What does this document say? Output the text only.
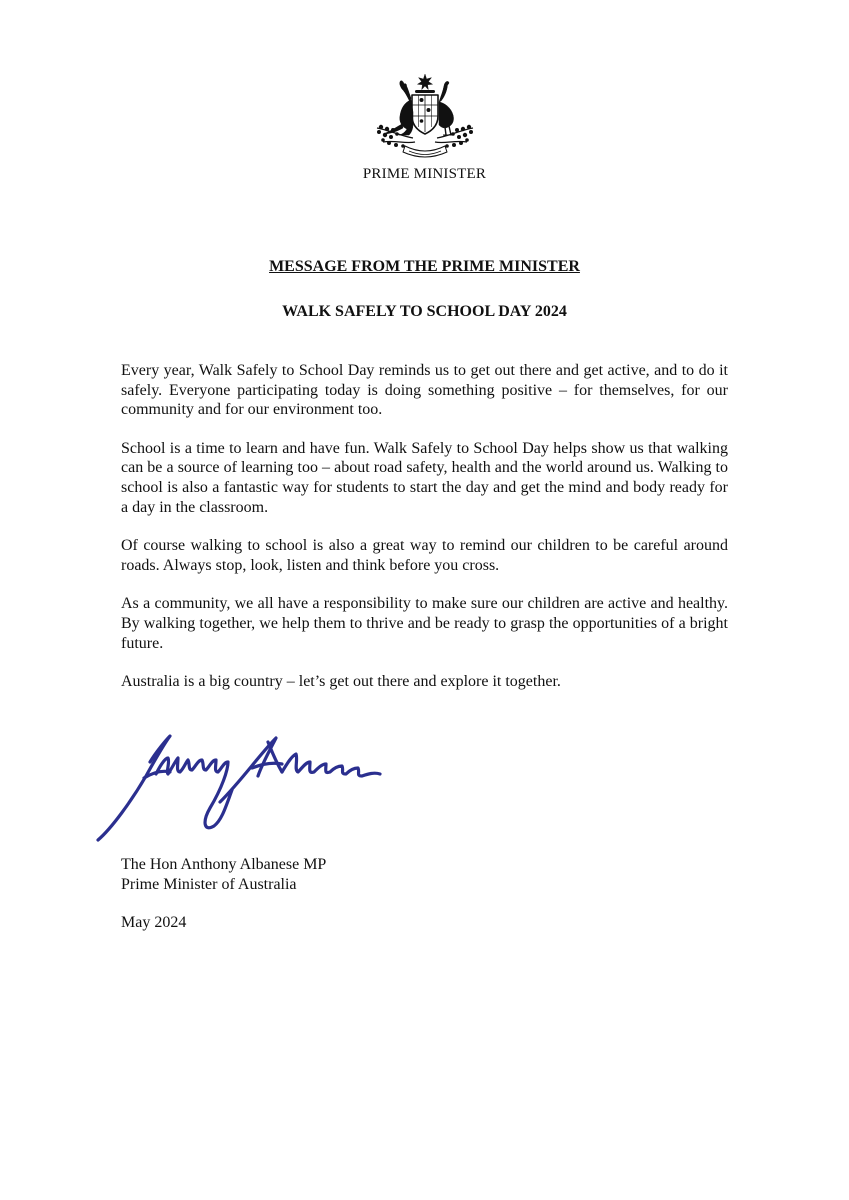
PRIME MINISTER
MESSAGE FROM THE PRIME MINISTER
WALK SAFELY TO SCHOOL DAY 2024

Every year, Walk Safely to School Day reminds us to get out there and get active, and to do it safely. Everyone participating today is doing something positive – for themselves, for our community and for our environment too.

School is a time to learn and have fun. Walk Safely to School Day helps show us that walking can be a source of learning too – about road safety, health and the world around us. Walking to school is also a fantastic way for students to start the day and get the mind and body ready for a day in the classroom.

Of course walking to school is also a great way to remind our children to be careful around roads. Always stop, look, listen and think before you cross.

As a community, we all have a responsibility to make sure our children are active and healthy. By walking together, we help them to thrive and be ready to grasp the opportunities of a bright future.

Australia is a big country – let’s get out there and explore it together.

The Hon Anthony Albanese MP
Prime Minister of Australia
May 2024
